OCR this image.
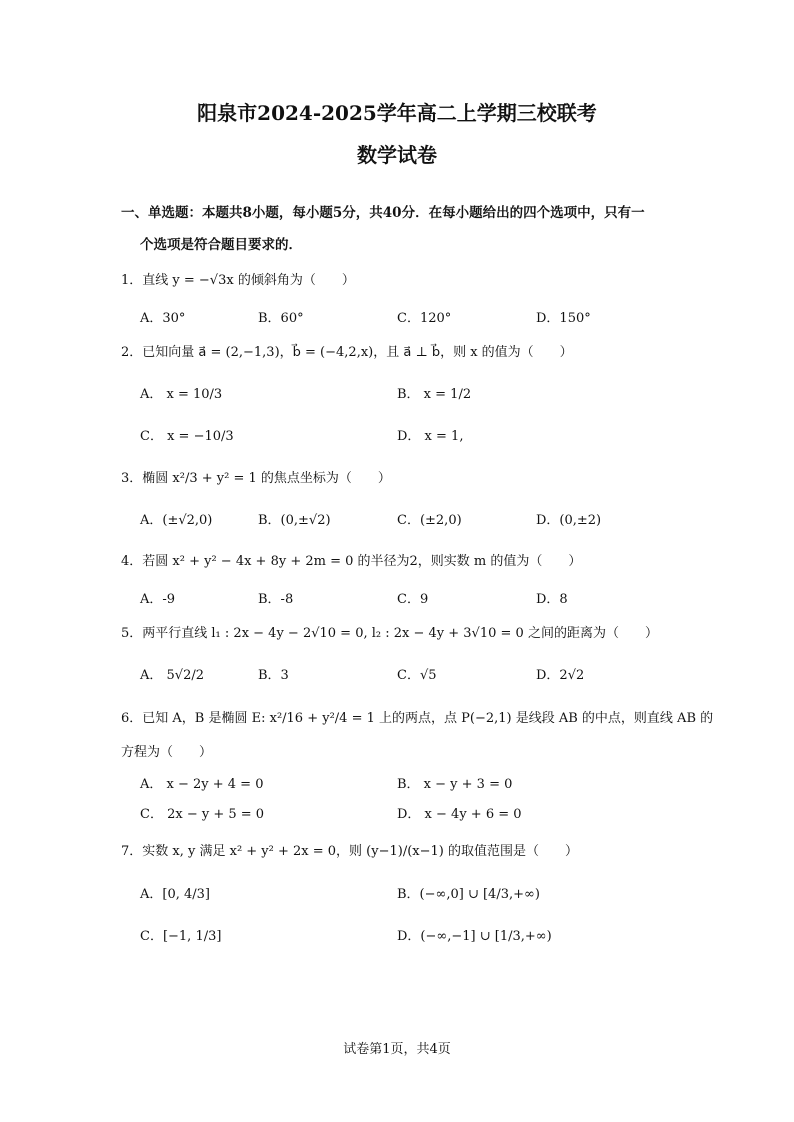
阳泉市2024-2025学年高二上学期三校联考
数学试卷
一、单选题：本题共8小题，每小题5分，共40分．在每小题给出的四个选项中，只有一
个选项是符合题目要求的．
1．直线 y = −√3x 的倾斜角为（　　）
A．30°	B．60°	C．120°	D．150°
2．已知向量 a⃗ = (2,−1,3)，b⃗ = (−4,2,x)，且 a⃗ ⊥ b⃗，则 x 的值为（　　）
A． x = 10/3	B． x = 1/2
C． x = −10/3	D． x = 1,
3．椭圆 x²/3 + y² = 1 的焦点坐标为（　　）
A．(±√2,0)	B．(0,±√2)	C．(±2,0)	D．(0,±2)
4．若圆 x² + y² − 4x + 8y + 2m = 0 的半径为2，则实数 m 的值为（　　）
A．-9	B．-8	C．9	D．8
5．两平行直线 l₁ : 2x − 4y − 2√10 = 0, l₂ : 2x − 4y + 3√10 = 0 之间的距离为（　　）
A． 5√2/2	B．3	C．√5	D．2√2
6．已知 A，B 是椭圆 E: x²/16 + y²/4 = 1 上的两点，点 P(−2,1) 是线段 AB 的中点，则直线 AB 的
方程为（　　）
A． x − 2y + 4 = 0	B． x − y + 3 = 0
C． 2x − y + 5 = 0	D． x − 4y + 6 = 0
7．实数 x, y 满足 x² + y² + 2x = 0，则 (y−1)/(x−1) 的取值范围是（　　）
A．[0, 4/3]	B．(−∞,0] ∪ [4/3,+∞)
C．[−1, 1/3]	D．(−∞,−1] ∪ [1/3,+∞)
试卷第1页，共4页
